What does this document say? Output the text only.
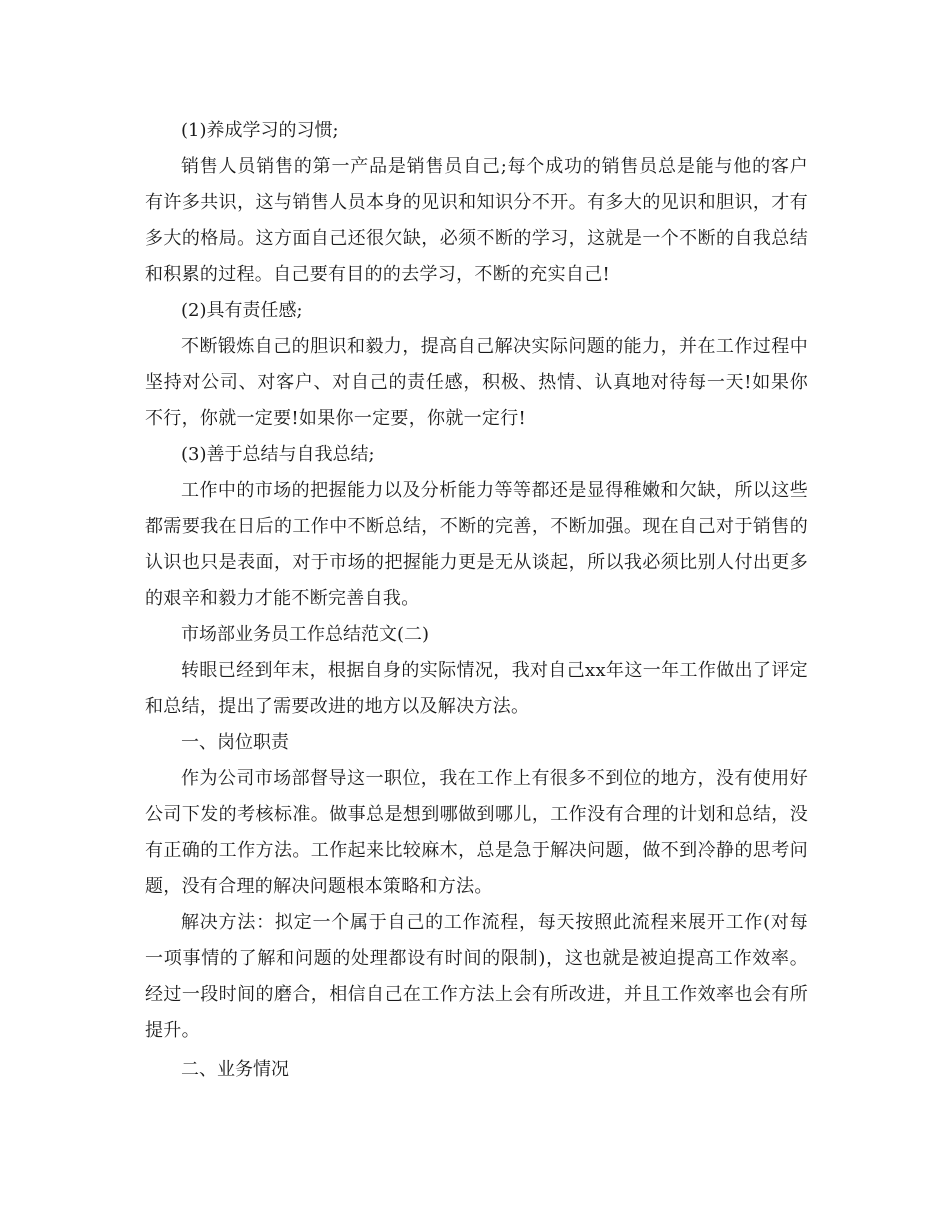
(1)养成学习的习惯;

销售人员销售的第一产品是销售员自己;每个成功的销售员总是能与他的客户有许多共识，这与销售人员本身的见识和知识分不开。有多大的见识和胆识，才有多大的格局。这方面自己还很欠缺，必须不断的学习，这就是一个不断的自我总结和积累的过程。自己要有目的的去学习，不断的充实自己!

(2)具有责任感;

不断锻炼自己的胆识和毅力，提高自己解决实际问题的能力，并在工作过程中坚持对公司、对客户、对自己的责任感，积极、热情、认真地对待每一天!如果你不行，你就一定要!如果你一定要，你就一定行!

(3)善于总结与自我总结;

工作中的市场的把握能力以及分析能力等等都还是显得稚嫩和欠缺，所以这些都需要我在日后的工作中不断总结，不断的完善，不断加强。现在自己对于销售的认识也只是表面，对于市场的把握能力更是无从谈起，所以我必须比别人付出更多的艰辛和毅力才能不断完善自我。

市场部业务员工作总结范文(二)

转眼已经到年末，根据自身的实际情况，我对自己xx年这一年工作做出了评定和总结，提出了需要改进的地方以及解决方法。

一、岗位职责

作为公司市场部督导这一职位，我在工作上有很多不到位的地方，没有使用好公司下发的考核标准。做事总是想到哪做到哪儿，工作没有合理的计划和总结，没有正确的工作方法。工作起来比较麻木，总是急于解决问题，做不到冷静的思考问题，没有合理的解决问题根本策略和方法。

解决方法：拟定一个属于自己的工作流程，每天按照此流程来展开工作(对每一项事情的了解和问题的处理都设有时间的限制)，这也就是被迫提高工作效率。经过一段时间的磨合，相信自己在工作方法上会有所改进，并且工作效率也会有所提升。

二、业务情况
